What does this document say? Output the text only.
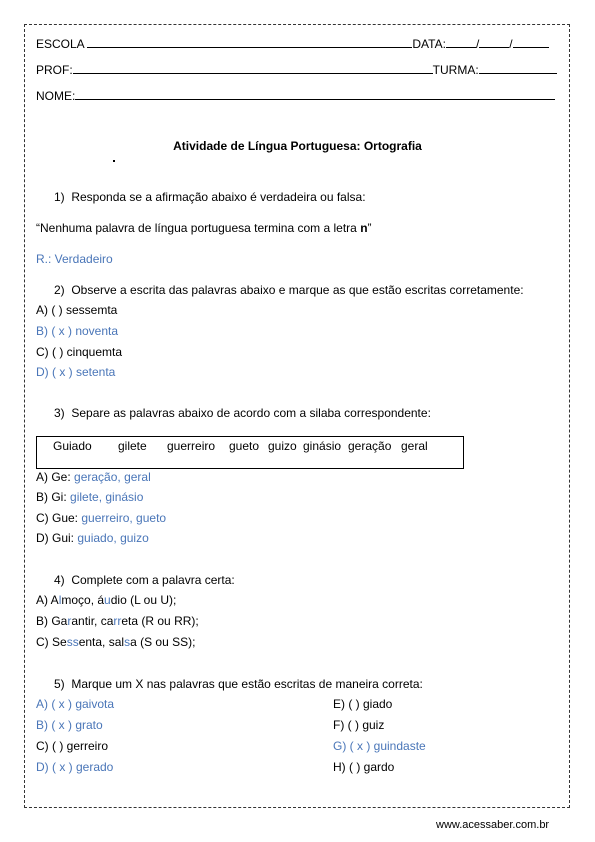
ESCOLA	DATA:	/	/
PROF:	TURMA:
NOME:
Atividade de Língua Portuguesa: Ortografia
1) Responda se a afirmação abaixo é verdadeira ou falsa:
“Nenhuma palavra de língua portuguesa termina com a letra n”
R.: Verdadeiro
2) Observe a escrita das palavras abaixo e marque as que estão escritas corretamente:
A) ( ) sessemta
B) ( x ) noventa
C) ( ) cinquemta
D) ( x ) setenta
3) Separe as palavras abaixo de acordo com a silaba correspondente:
Guiado gilete guerreiro gueto guizo ginásio geração geral
A) Ge: geração, geral
B) Gi: gilete, ginásio
C) Gue: guerreiro, gueto
D) Gui: guiado, guizo
4) Complete com a palavra certa:
A) Almoço, áudio (L ou U);
B) Garantir, carreta (R ou RR);
C) Sessenta, salsa (S ou SS);
5) Marque um X nas palavras que estão escritas de maneira correta:
A) ( x ) gaivota
B) ( x ) grato
C) ( ) gerreiro
D) ( x ) gerado
E) ( ) giado
F) ( ) guiz
G) ( x ) guindaste
H) ( ) gardo
www.acessaber.com.br
